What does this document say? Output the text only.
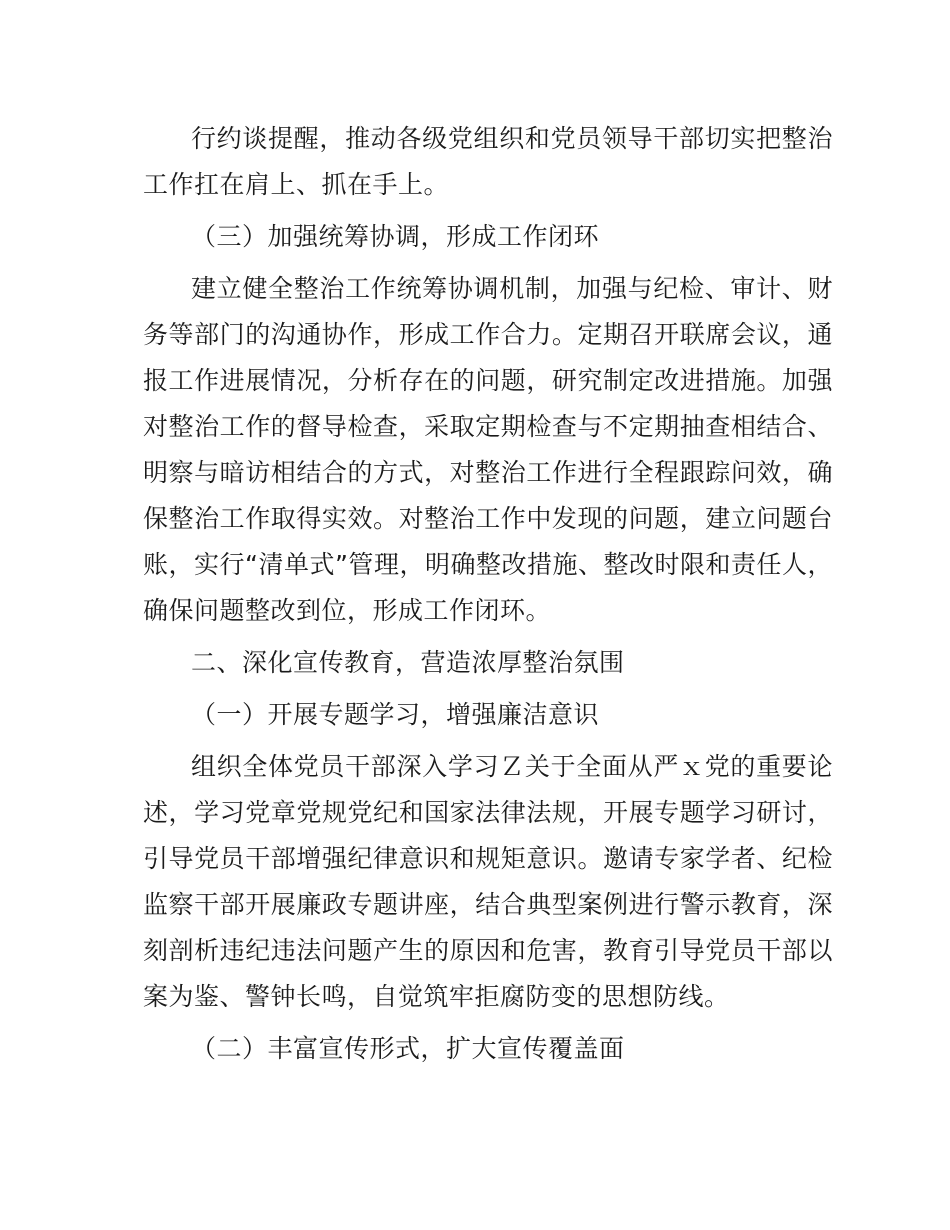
行约谈提醒，推动各级党组织和党员领导干部切实把整治工作扛在肩上、抓在手上。

（三）加强统筹协调，形成工作闭环

建立健全整治工作统筹协调机制，加强与纪检、审计、财务等部门的沟通协作，形成工作合力。定期召开联席会议，通报工作进展情况，分析存在的问题，研究制定改进措施。加强对整治工作的督导检查，采取定期检查与不定期抽查相结合、明察与暗访相结合的方式，对整治工作进行全程跟踪问效，确保整治工作取得实效。对整治工作中发现的问题，建立问题台账，实行“清单式”管理，明确整改措施、整改时限和责任人，确保问题整改到位，形成工作闭环。

二、深化宣传教育，营造浓厚整治氛围

（一）开展专题学习，增强廉洁意识

组织全体党员干部深入学习Ｚ关于全面从严ｘ党的重要论述，学习党章党规党纪和国家法律法规，开展专题学习研讨，引导党员干部增强纪律意识和规矩意识。邀请专家学者、纪检监察干部开展廉政专题讲座，结合典型案例进行警示教育，深刻剖析违纪违法问题产生的原因和危害，教育引导党员干部以案为鉴、警钟长鸣，自觉筑牢拒腐防变的思想防线。

（二）丰富宣传形式，扩大宣传覆盖面
